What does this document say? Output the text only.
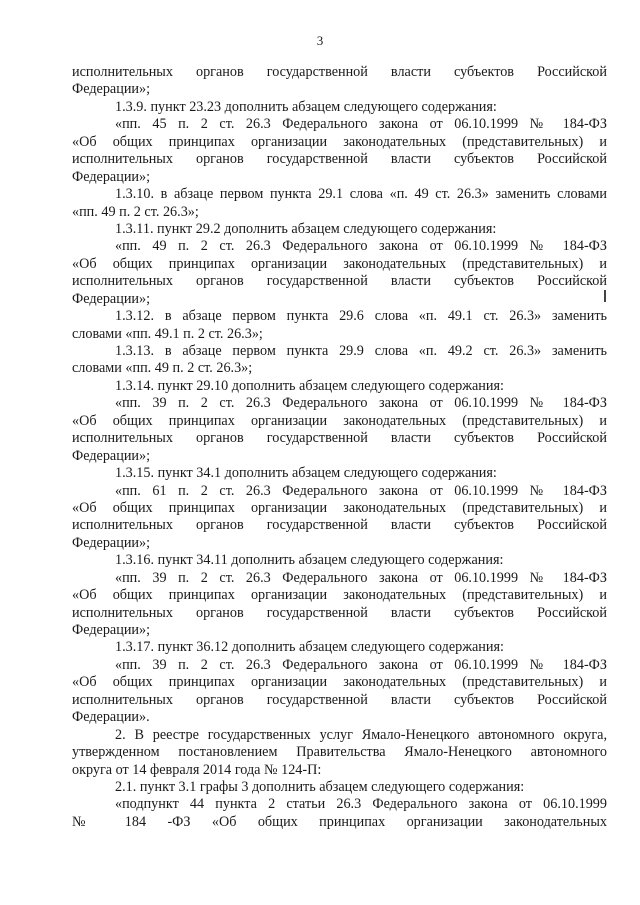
3
исполнительных органов государственной власти субъектов Российской
Федерации»;
1.3.9. пункт 23.23 дополнить абзацем следующего содержания:
«пп. 45 п. 2 ст. 26.3 Федерального закона от 06.10.1999 № 184-ФЗ
«Об общих принципах организации законодательных (представительных) и
исполнительных органов государственной власти субъектов Российской
Федерации»;
1.3.10. в абзаце первом пункта 29.1 слова «п. 49 ст. 26.3» заменить словами
«пп. 49 п. 2 ст. 26.3»;
1.3.11. пункт 29.2 дополнить абзацем следующего содержания:
«пп. 49 п. 2 ст. 26.3 Федерального закона от 06.10.1999 № 184-ФЗ
«Об общих принципах организации законодательных (представительных) и
исполнительных органов государственной власти субъектов Российской
Федерации»;
1.3.12. в абзаце первом пункта 29.6 слова «п. 49.1 ст. 26.3» заменить
словами «пп. 49.1 п. 2 ст. 26.3»;
1.3.13. в абзаце первом пункта 29.9 слова «п. 49.2 ст. 26.3» заменить
словами «пп. 49 п. 2 ст. 26.3»;
1.3.14. пункт 29.10 дополнить абзацем следующего содержания:
«пп. 39 п. 2 ст. 26.3 Федерального закона от 06.10.1999 № 184-ФЗ
«Об общих принципах организации законодательных (представительных) и
исполнительных органов государственной власти субъектов Российской
Федерации»;
1.3.15. пункт 34.1 дополнить абзацем следующего содержания:
«пп. 61 п. 2 ст. 26.3 Федерального закона от 06.10.1999 № 184-ФЗ
«Об общих принципах организации законодательных (представительных) и
исполнительных органов государственной власти субъектов Российской
Федерации»;
1.3.16. пункт 34.11 дополнить абзацем следующего содержания:
«пп. 39 п. 2 ст. 26.3 Федерального закона от 06.10.1999 № 184-ФЗ
«Об общих принципах организации законодательных (представительных) и
исполнительных органов государственной власти субъектов Российской
Федерации»;
1.3.17. пункт 36.12 дополнить абзацем следующего содержания:
«пп. 39 п. 2 ст. 26.3 Федерального закона от 06.10.1999 № 184-ФЗ
«Об общих принципах организации законодательных (представительных) и
исполнительных органов государственной власти субъектов Российской
Федерации».
2. В реестре государственных услуг Ямало-Ненецкого автономного округа,
утвержденном постановлением Правительства Ямало-Ненецкого автономного
округа от 14 февраля 2014 года № 124-П:
2.1. пункт 3.1 графы 3 дополнить абзацем следующего содержания:
«подпункт 44 пункта 2 статьи 26.3 Федерального закона от 06.10.1999
№ 184 -ФЗ «Об общих принципах организации законодательных
